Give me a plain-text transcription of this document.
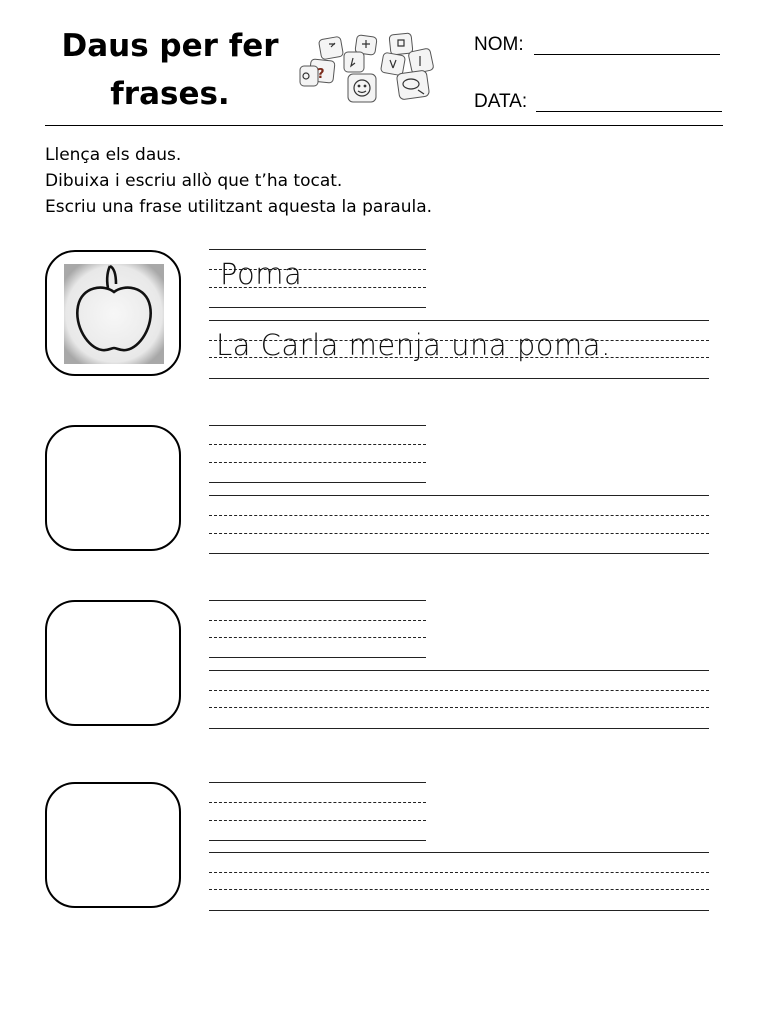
Daus per fer
frases.
?
NOM:
DATA:
Llença els daus.
Dibuixa i escriu allò que t’ha tocat.
Escriu una frase utilitzant aquesta la paraula.
Poma
La Carla menja una poma.
